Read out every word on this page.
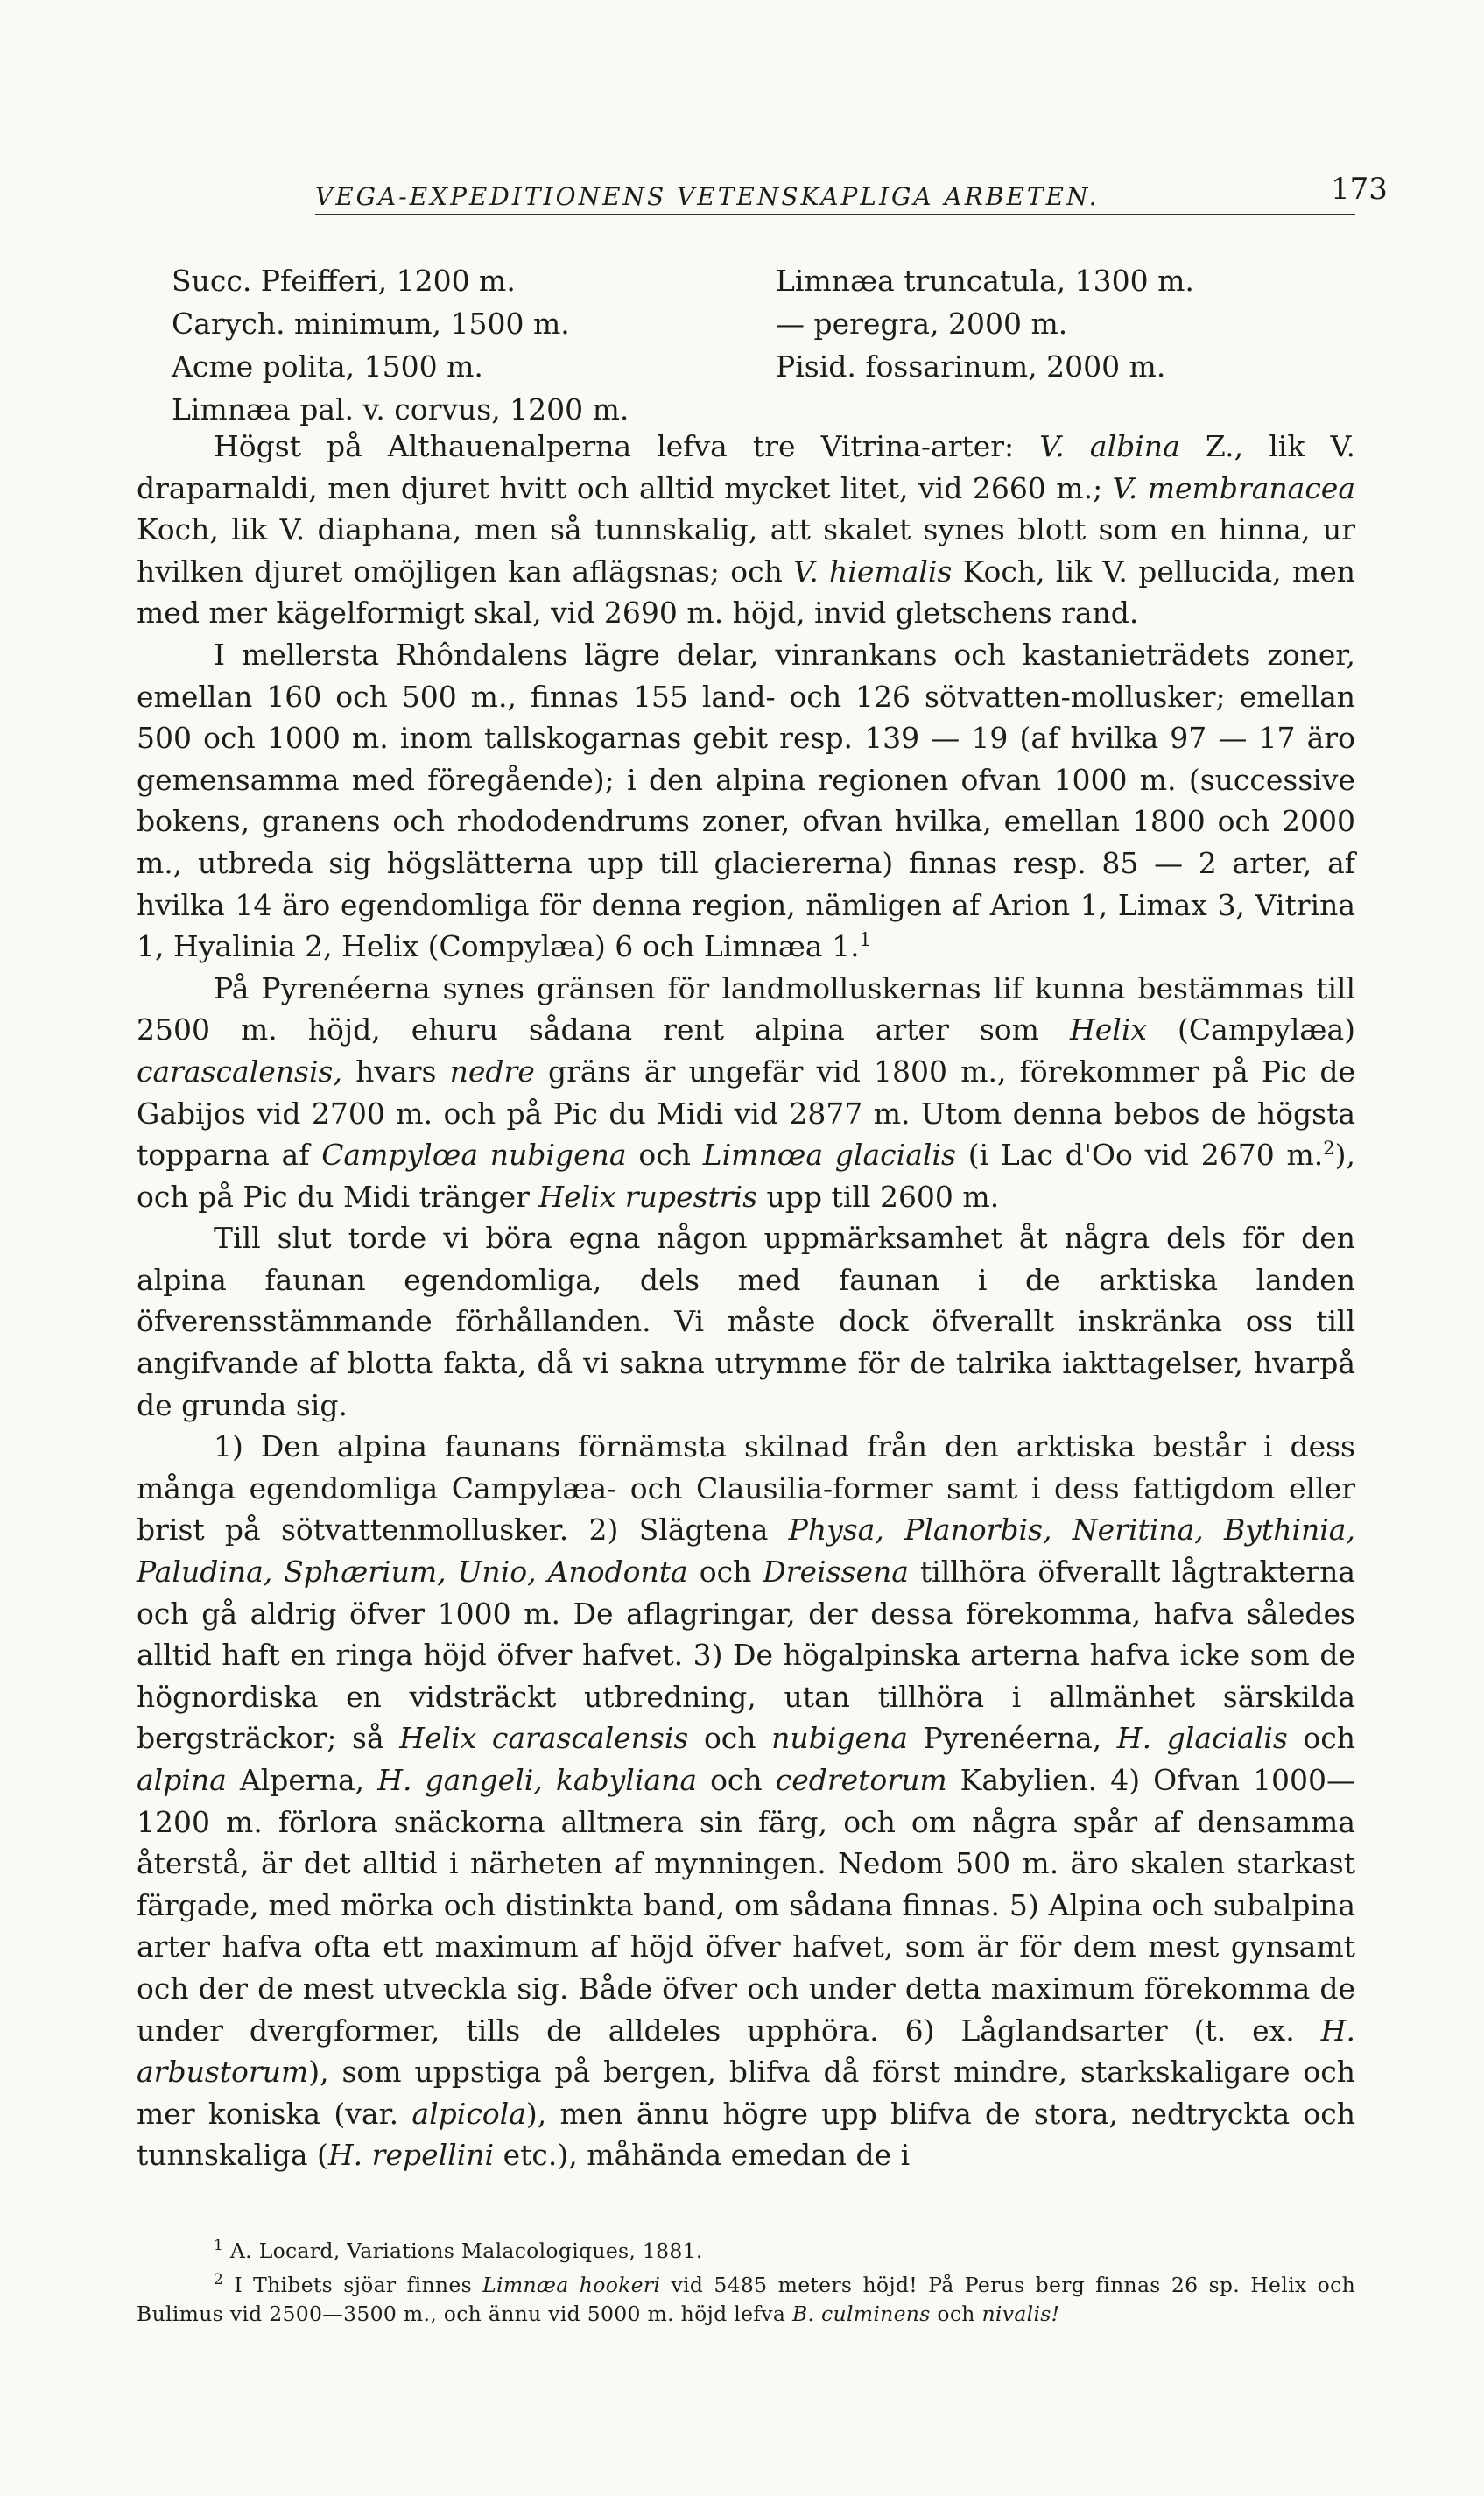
VEGA-EXPEDITIONENS VETENSKAPLIGA ARBETEN.	173
Succ. Pfeifferi, 1200 m.	Limnæa truncatula, 1300 m.
Carych. minimum, 1500 m.	— peregra, 2000 m.
Acme polita, 1500 m.	Pisid. fossarinum, 2000 m.
Limnæa pal. v. corvus, 1200 m.

Högst på Althauenalperna lefva tre Vitrina-arter: V. albina Z., lik V. draparnaldi, men djuret hvitt och alltid mycket litet, vid 2660 m.; V. membranacea Koch, lik V. diaphana, men så tunnskalig, att skalet synes blott som en hinna, ur hvilken djuret omöjligen kan aflägsnas; och V. hiemalis Koch, lik V. pellucida, men med mer kägelformigt skal, vid 2690 m. höjd, invid gletschens rand.

I mellersta Rhôndalens lägre delar, vinrankans och kastanieträdets zoner, emellan 160 och 500 m., finnas 155 land- och 126 sötvatten-mollusker; emellan 500 och 1000 m. inom tallskogarnas gebit resp. 139 — 19 (af hvilka 97 — 17 äro gemensamma med föregående); i den alpina regionen ofvan 1000 m. (successive bokens, granens och rhododendrums zoner, ofvan hvilka, emellan 1800 och 2000 m., utbreda sig högslätterna upp till glaciererna) finnas resp. 85 — 2 arter, af hvilka 14 äro egendomliga för denna region, nämligen af Arion 1, Limax 3, Vitrina 1, Hyalinia 2, Helix (Compylæa) 6 och Limnæa 1.$^1$

På Pyrenéerna synes gränsen för landmolluskernas lif kunna bestämmas till 2500 m. höjd, ehuru sådana rent alpina arter som Helix (Campylæa) carascalensis, hvars nedre gräns är ungefär vid 1800 m., förekommer på Pic de Gabijos vid 2700 m. och på Pic du Midi vid 2877 m. Utom denna bebos de högsta topparna af Campylœa nubigena och Limnœa glacialis (i Lac d'Oo vid 2670 m.$^2$), och på Pic du Midi tränger Helix rupestris upp till 2600 m.

Till slut torde vi böra egna någon uppmärksamhet åt några dels för den alpina faunan egendomliga, dels med faunan i de arktiska landen öfverensstämmande förhållanden. Vi måste dock öfverallt inskränka oss till angifvande af blotta fakta, då vi sakna utrymme för de talrika iakttagelser, hvarpå de grunda sig.

1) Den alpina faunans förnämsta skilnad från den arktiska består i dess många egendomliga Campylæa- och Clausilia-former samt i dess fattigdom eller brist på sötvattenmollusker. 2) Slägtena Physa, Planorbis, Neritina, Bythinia, Paludina, Sphærium, Unio, Anodonta och Dreissena tillhöra öfverallt lågtrakterna och gå aldrig öfver 1000 m. De aflagringar, der dessa förekomma, hafva således alltid haft en ringa höjd öfver hafvet. 3) De högalpinska arterna hafva icke som de högnordiska en vidsträckt utbredning, utan tillhöra i allmänhet särskilda bergsträckor; så Helix carascalensis och nubigena Pyrenéerna, H. glacialis och alpina Alperna, H. gangeli, kabyliana och cedretorum Kabylien. 4) Ofvan 1000—1200 m. förlora snäckorna alltmera sin färg, och om några spår af densamma återstå, är det alltid i närheten af mynningen. Nedom 500 m. äro skalen starkast färgade, med mörka och distinkta band, om sådana finnas. 5) Alpina och subalpina arter hafva ofta ett maximum af höjd öfver hafvet, som är för dem mest gynsamt och der de mest utveckla sig. Både öfver och under detta maximum förekomma de under dvergformer, tills de alldeles upphöra. 6) Låglandsarter (t. ex. H. arbustorum), som uppstiga på bergen, blifva då först mindre, starkskaligare och mer koniska (var. alpicola), men ännu högre upp blifva de stora, nedtryckta och tunnskaliga (H. repellini etc.), måhända emedan de i

$^1$ A. Locard, Variations Malacologiques, 1881.

$^2$ I Thibets sjöar finnes Limnæa hookeri vid 5485 meters höjd! På Perus berg finnas 26 sp. Helix och Bulimus vid 2500—3500 m., och ännu vid 5000 m. höjd lefva B. culminens och nivalis!
